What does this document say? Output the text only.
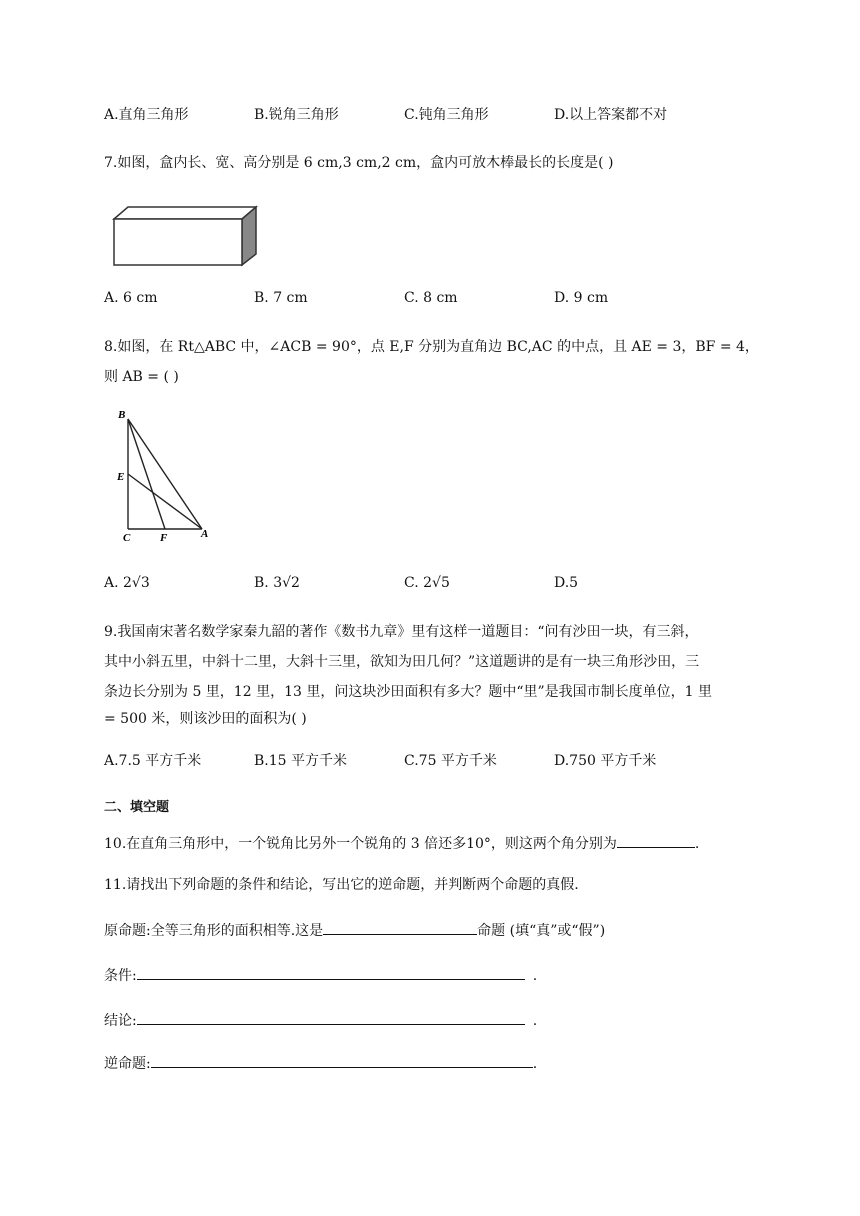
A.直角三角形	B.锐角三角形	C.钝角三角形	D.以上答案都不对
7.如图，盒内长、宽、高分别是 6 cm,3 cm,2 cm，盒内可放木棒最长的长度是( )
A. 6 cm	B. 7 cm	C. 8 cm	D. 9 cm
8.如图，在 Rt△ABC 中，∠ACB = 90°，点 E,F 分别为直角边 BC,AC 的中点，且 AE = 3，BF = 4，
则 AB = ( )
B
E
C	F	A
A. 2√3	B. 3√2	C. 2√5	D.5
9.我国南宋著名数学家秦九韶的著作《数书九章》里有这样一道题目：“问有沙田一块，有三斜，
其中小斜五里，中斜十二里，大斜十三里，欲知为田几何？”这道题讲的是有一块三角形沙田，三
条边长分别为 5 里，12 里，13 里，问这块沙田面积有多大？题中“里”是我国市制长度单位，1 里
= 500 米，则该沙田的面积为( )
A.7.5 平方千米	B.15 平方千米	C.75 平方千米	D.750 平方千米
二、填空题
10.在直角三角形中，一个锐角比另外一个锐角的 3 倍还多10°，则这两个角分别为	.
11.请找出下列命题的条件和结论，写出它的逆命题，并判断两个命题的真假.
原命题:全等三角形的面积相等.这是	命题 (填“真”或“假”)
条件:	.
结论:	.
逆命题:	.
